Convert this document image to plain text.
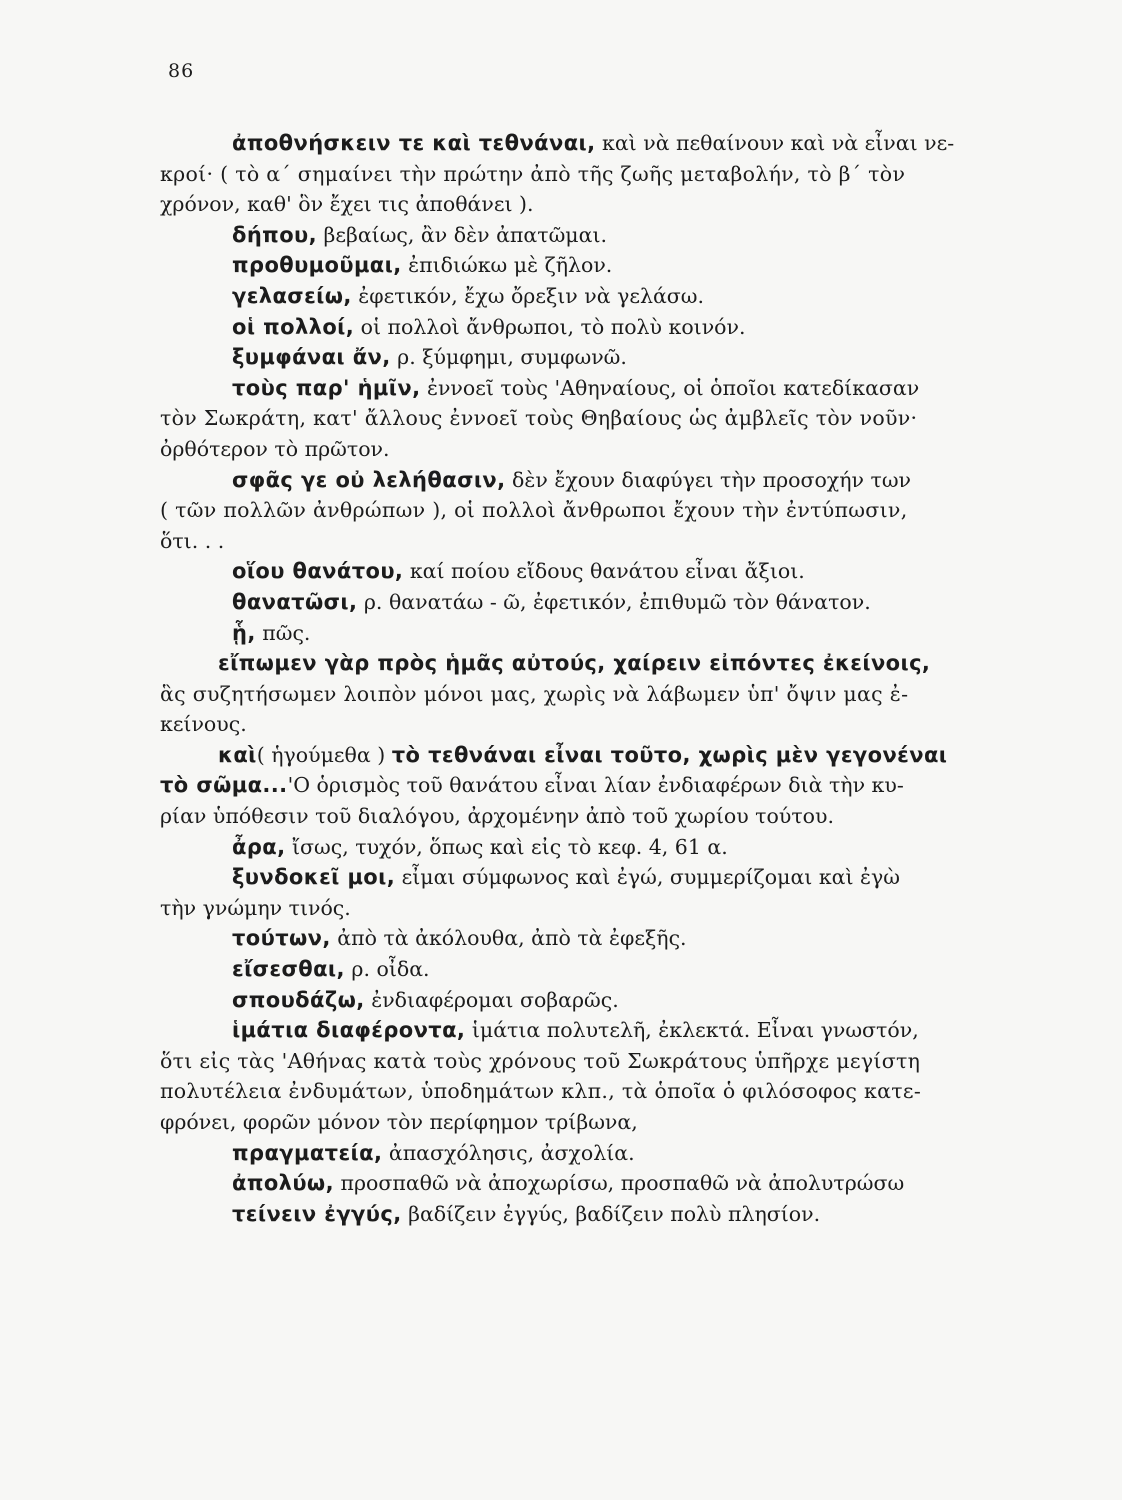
86
ἀποθνήσκειν τε καὶ τεθνάναι, καὶ νὰ πεθαίνουν καὶ νὰ εἶναι νε-
κροί· ( τὸ α΄ σημαίνει τὴν πρώτην ἀπὸ τῆς ζωῆς μεταβολήν, τὸ β΄ τὸν
χρόνον, καθ' ὃν ἔχει τις ἀποθάνει ).
δήπου, βεβαίως, ἂν δὲν ἀπατῶμαι.
προθυμοῦμαι, ἐπιδιώκω μὲ ζῆλον.
γελασείω, ἐφετικόν, ἔχω ὄρεξιν νὰ γελάσω.
οἱ πολλοί, οἱ πολλοὶ ἄνθρωποι, τὸ πολὺ κοινόν.
ξυμφάναι ἄν, ρ. ξύμφημι, συμφωνῶ.
τοὺς παρ' ἡμῖν, ἐννοεῖ τοὺς 'Αθηναίους, οἱ ὁποῖοι κατεδίκασαν
τὸν Σωκράτη, κατ' ἄλλους ἐννοεῖ τοὺς Θηβαίους ὡς ἀμβλεῖς τὸν νοῦν·
ὀρθότερον τὸ πρῶτον.
σφᾶς γε οὐ λελήθασιν, δὲν ἔχουν διαφύγει τὴν προσοχήν των
( τῶν πολλῶν ἀνθρώπων ), οἱ πολλοὶ ἄνθρωποι ἔχουν τὴν ἐντύπωσιν,
ὅτι. . .
οἵου θανάτου, καί ποίου εἴδους θανάτου εἶναι ἄξιοι.
θανατῶσι, ρ. θανατάω - ῶ, ἐφετικόν, ἐπιθυμῶ τὸν θάνατον.
ᾗ, πῶς.
εἴπωμεν γὰρ πρὸς ἡμᾶς αὐτούς, χαίρειν εἰπόντες ἐκείνοις,
ἃς συζητήσωμεν λοιπὸν μόνοι μας, χωρὶς νὰ λάβωμεν ὑπ' ὄψιν μας ἐ-
κείνους.
καὶ( ἡγούμεθα ) τὸ τεθνάναι εἶναι τοῦτο, χωρὶς μὲν γεγονέναι
τὸ σῶμα...'Ο ὁρισμὸς τοῦ θανάτου εἶναι λίαν ἐνδιαφέρων διὰ τὴν κυ-
ρίαν ὑπόθεσιν τοῦ διαλόγου, ἀρχομένην ἀπὸ τοῦ χωρίου τούτου.
ἆρα, ἴσως, τυχόν, ὅπως καὶ εἰς τὸ κεφ. 4, 61 α.
ξυνδοκεῖ μοι, εἶμαι σύμφωνος καὶ ἐγώ, συμμερίζομαι καὶ ἐγὼ
τὴν γνώμην τινός.
τούτων, ἀπὸ τὰ ἀκόλουθα, ἀπὸ τὰ ἐφεξῆς.
εἴσεσθαι, ρ. οἶδα.
σπουδάζω, ἐνδιαφέρομαι σοβαρῶς.
ἱμάτια διαφέροντα, ἱμάτια πολυτελῆ, ἐκλεκτά. Εἶναι γνωστόν,
ὅτι εἰς τὰς 'Αθήνας κατὰ τοὺς χρόνους τοῦ Σωκράτους ὑπῆρχε μεγίστη
πολυτέλεια ἐνδυμάτων, ὑποδημάτων κλπ., τὰ ὁποῖα ὁ φιλόσοφος κατε-
φρόνει, φορῶν μόνον τὸν περίφημον τρίβωνα,
πραγματεία, ἀπασχόλησις, ἀσχολία.
ἀπολύω, προσπαθῶ νὰ ἀποχωρίσω, προσπαθῶ νὰ ἀπολυτρώσω
τείνειν ἐγγύς, βαδίζειν ἐγγύς, βαδίζειν πολὺ πλησίον.
